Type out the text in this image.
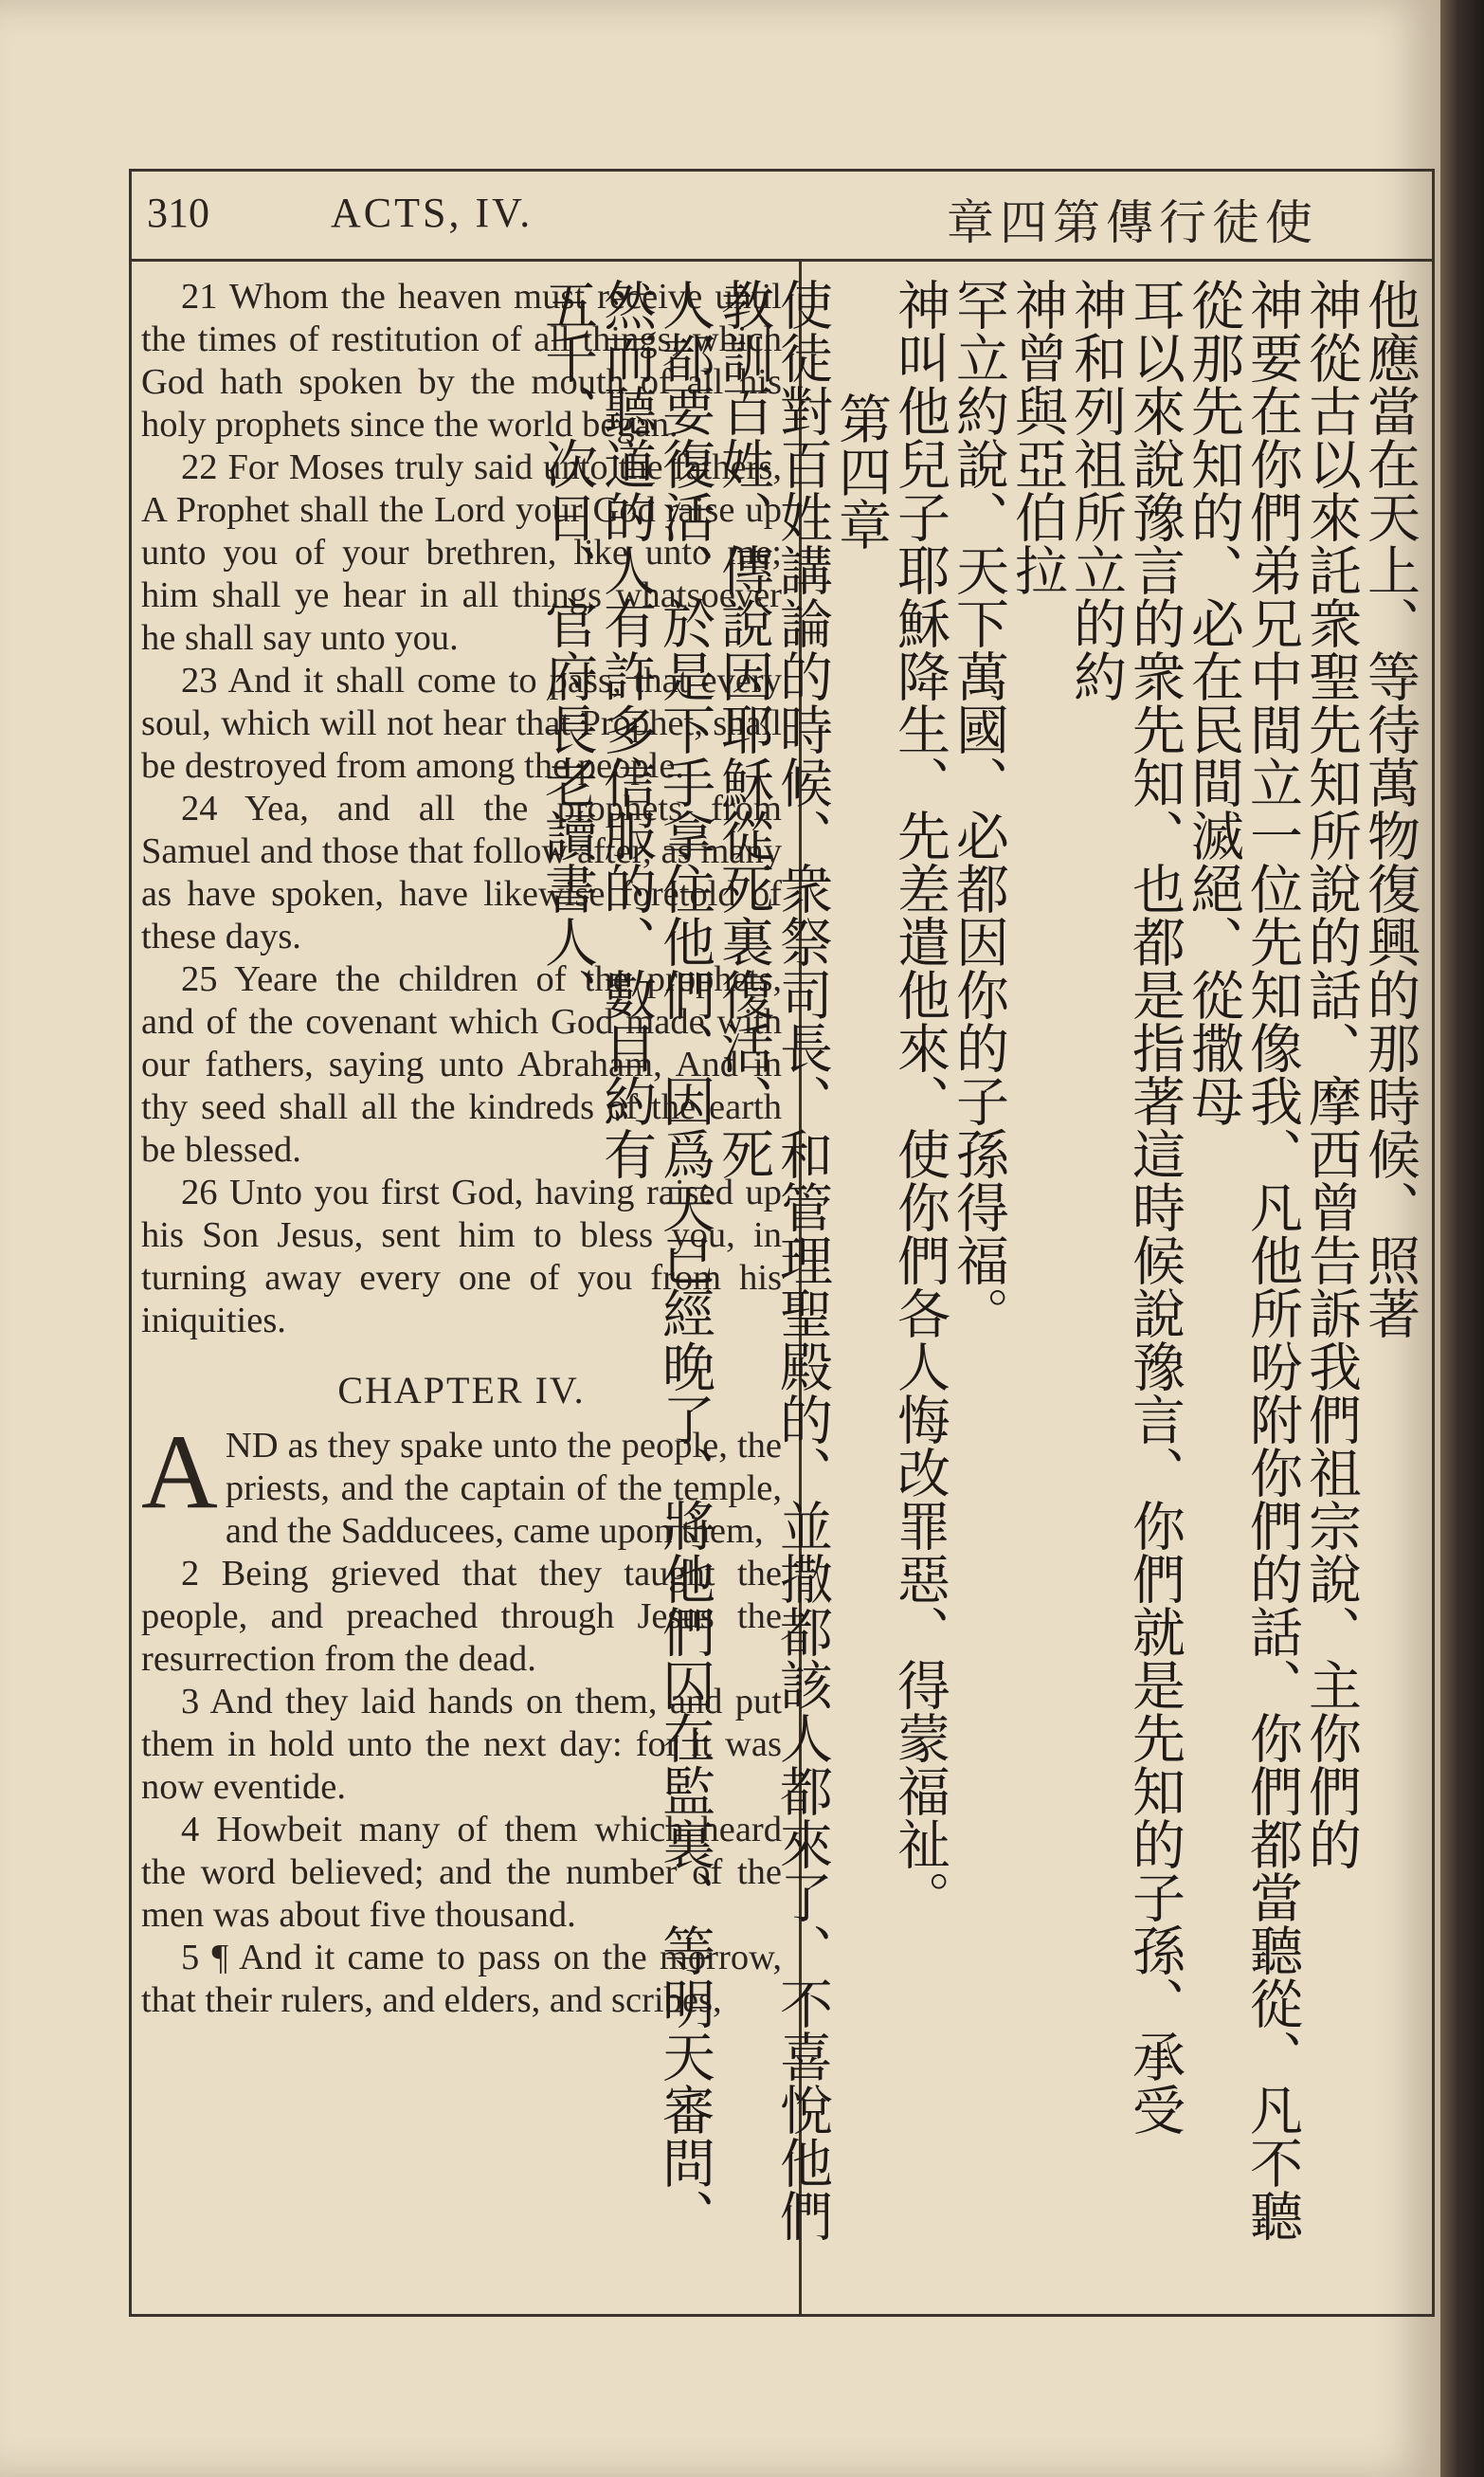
310	ACTS, IV.	章四第傳行徒使

21 Whom the heaven must receive until the times of restitution of all things, which God hath spoken by the mouth of all his holy prophets since the world began.

22 For Moses truly said unto the fathers, A Prophet shall the Lord your God raise up unto you of your brethren, like unto me; him shall ye hear in all things whatsoever he shall say unto you.

23 And it shall come to pass, that every soul, which will not hear that Prophet, shall be destroyed from among the people.

24 Yea, and all the prophets from Samuel and those that follow after, as many as have spoken, have likewise foretold of these days.

25 Yeare the children of the prophets, and of the covenant which God made with our fathers, saying unto Abraham, And in thy seed shall all the kindreds of the earth be blessed.

26 Unto you first God, having raised up his Son Jesus, sent him to bless you, in turning away every one of you from his iniquities.

CHAPTER IV.

AND as they spake unto the people, the priests, and the captain of the temple, and the Sadducees, came upon them,

2 Being grieved that they taught the people, and preached through Jesus the resurrection from the dead.

3 And they laid hands on them, and put them in hold unto the next day: for it was now eventide.

4 Howbeit many of them which heard the word believed; and the number of the men was about five thousand.

5 ¶ And it came to pass on the morrow, that their rulers, and elders, and scribes,

他應當在天上、等待萬物復興的那時候、照著
神從古以來託衆聖先知所說的話、摩西曾告訴我們祖宗說、主你們的
神要在你們弟兄中間立一位先知像我、凡他所吩附你們的話、你們都當聽從、凡不聽從那先知的、必在民間滅絕、從撒母
耳以來說豫言的衆先知、也都是指著這時候說豫言、你們就是先知的子孫、承受
神和列祖所立的約
神曾與亞伯拉
罕立約說、天下萬國、必都因你的子孫得福。
神叫他兒子耶穌降生、先差遣他來、使你們各人悔改罪惡、得蒙福祉。
第四章
使徒對百姓講論的時候、衆祭司長、和管理聖殿的、並撒都該人都來了、不喜悅他們教訓百姓、傳說因耶穌從死裏復活、死
人都要復活、於是下手拿住他們、因爲天已經晚了、將他們囚在監裏、等明天審問、然而聽道的人有許多信服的、數目約有
五千、次日、官府長老讀書人、
